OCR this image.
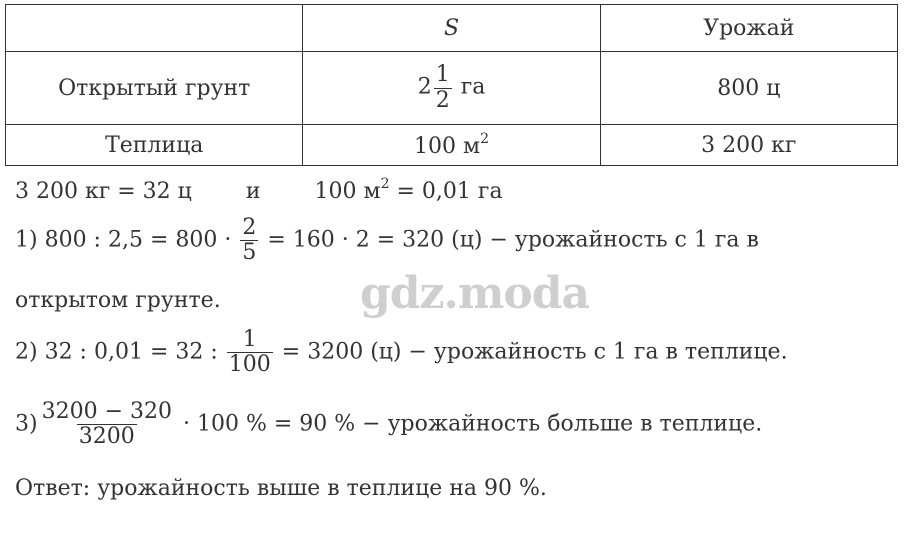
	S	Урожай
Открытый грунт	$2 \frac{1}{2}$ га	800 ц
Теплица	100 $м^2$	3 200 кг
3 200 кг = 32 ц и 100 $м^2 = 0,01$ га
1) 800 : $2,5 = 800 \cdot \frac{2}{5} = 160 \cdot 2 = 320$ (ц) − урожайность с 1 га в
открытом грунте.
2) 32 : 0,01 = 32 : $\frac{1}{100} = 3200$ (ц) − урожайность с 1 га в теплице.
$3) \frac{3200 - 320}{3200} \cdot 100$ % = 90 % − урожайность больше в теплице.
Ответ: урожайность выше в теплице на 90 %.
gdz.moda
